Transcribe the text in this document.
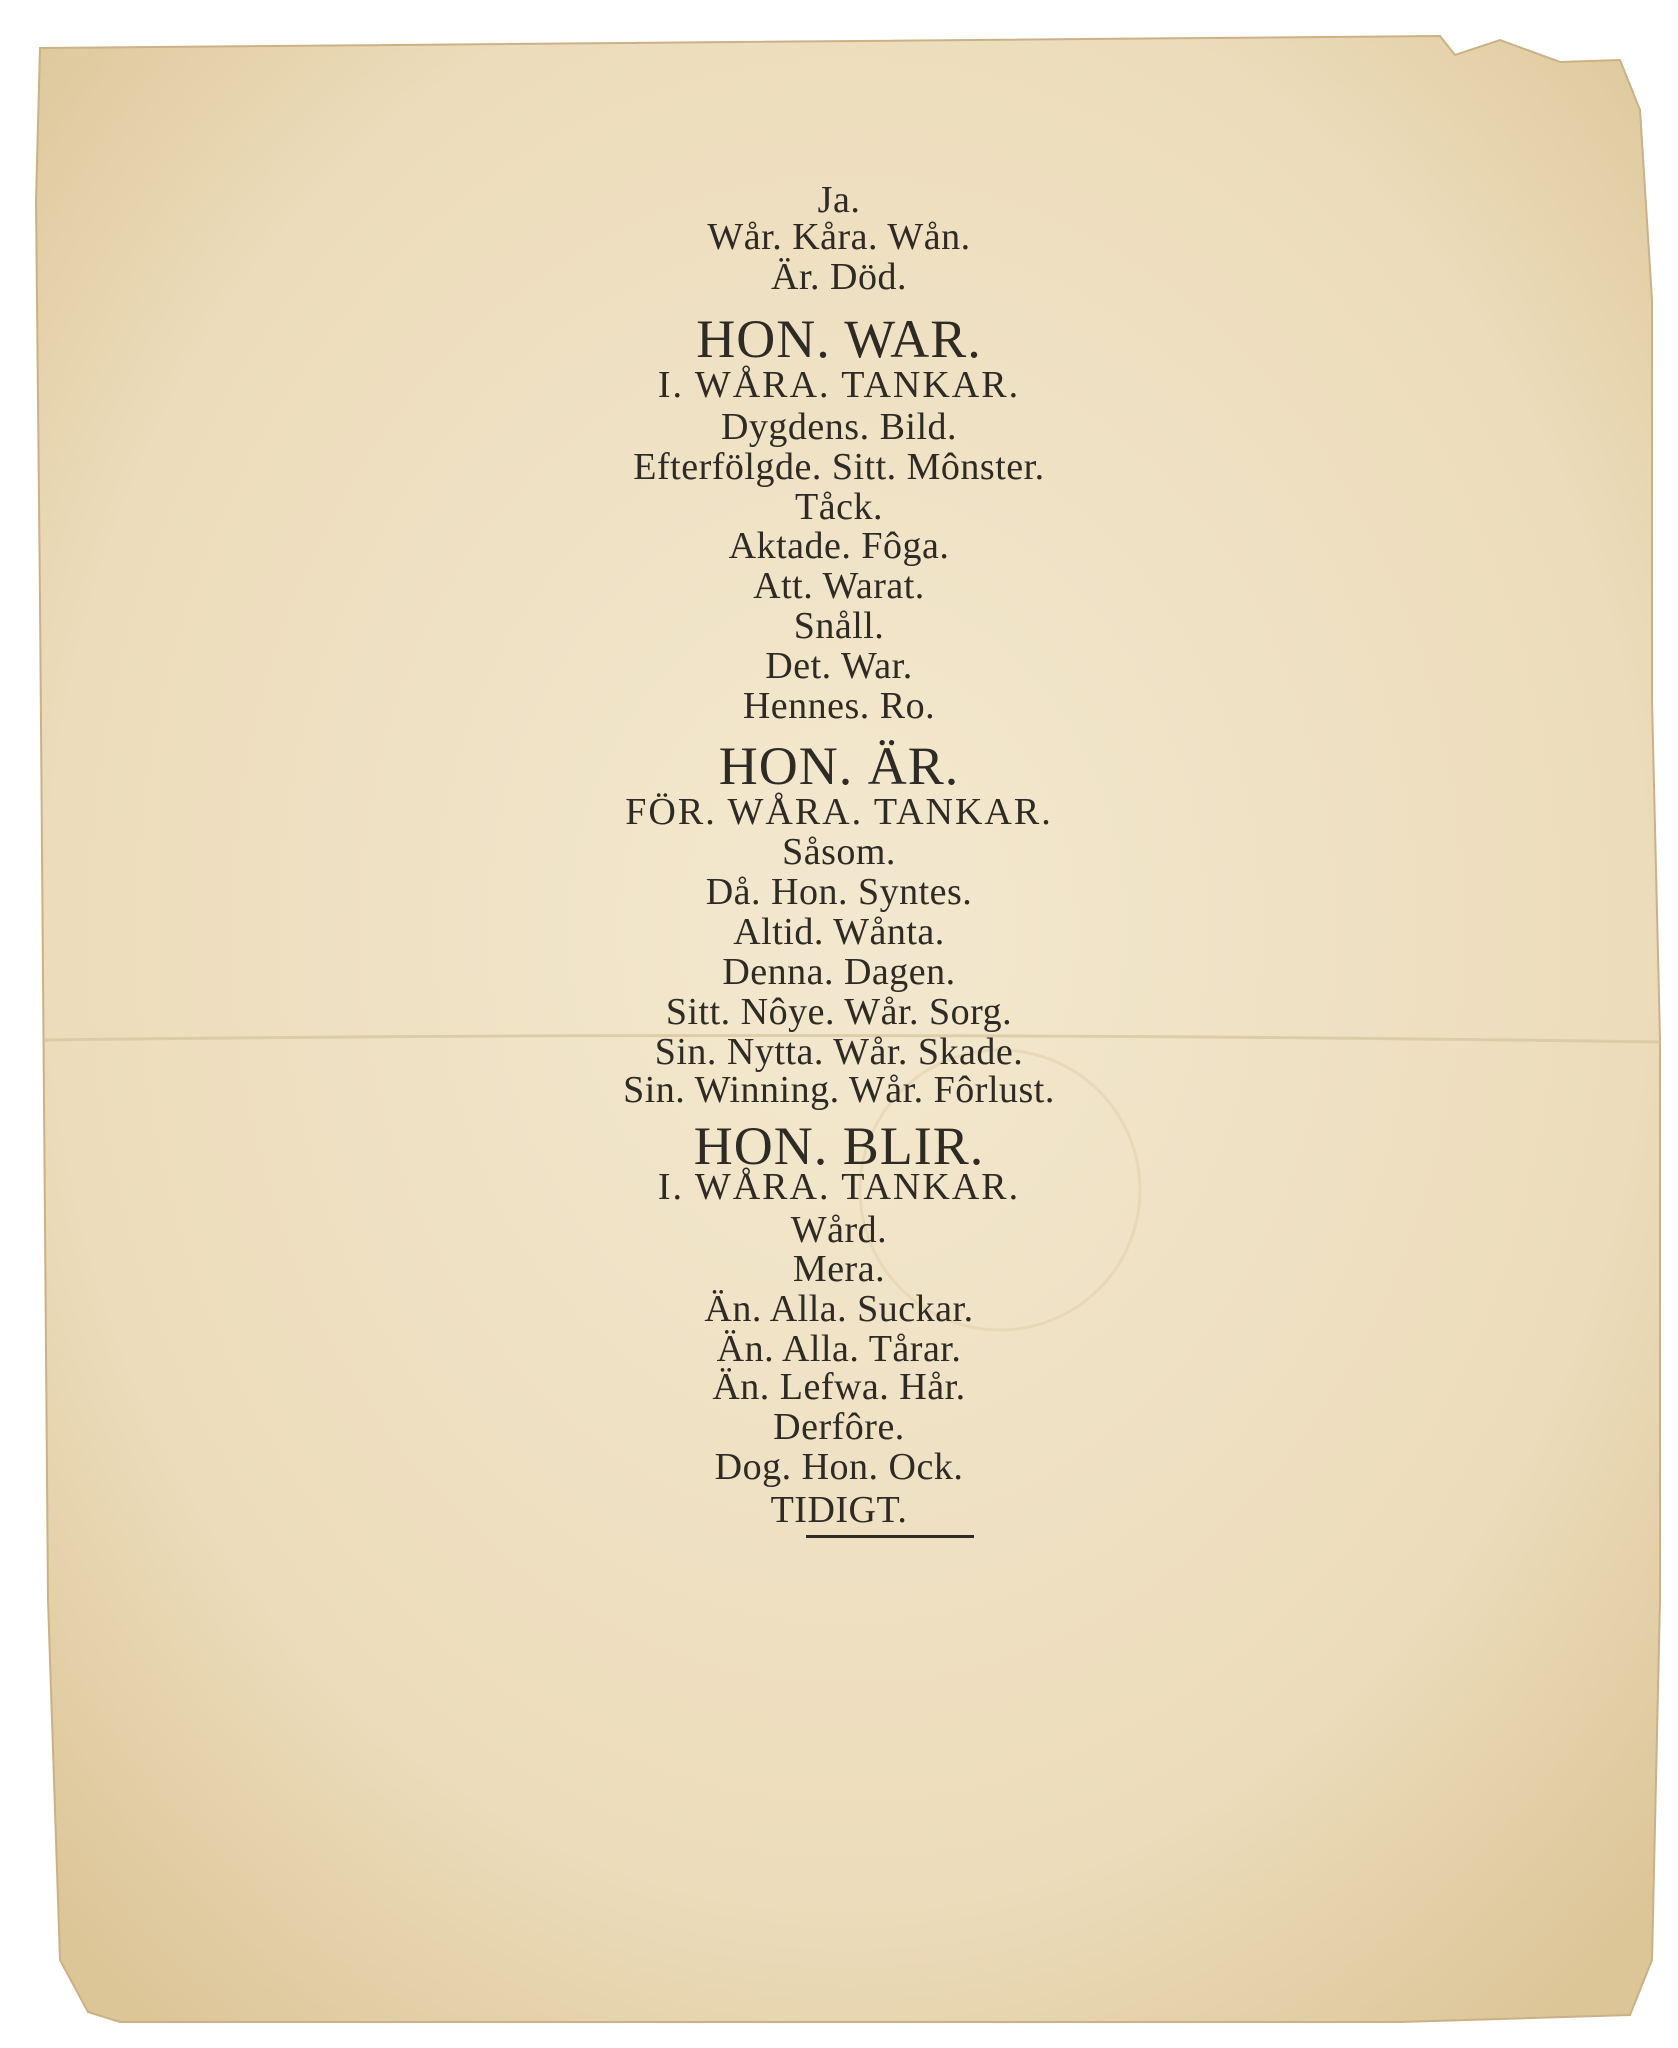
Ja.
Wår. Kåra. Wån.
Är. Död.
HON. WAR.
I. WÅRA. TANKAR.
Dygdens. Bild.
Efterfölgde. Sitt. Mônster.
Tåck.
Aktade. Fôga.
Att. Warat.
Snåll.
Det. War.
Hennes. Ro.
HON. ÄR.
FÖR. WÅRA. TANKAR.
Såsom.
Då. Hon. Syntes.
Altid. Wånta.
Denna. Dagen.
Sitt. Nôye. Wår. Sorg.
Sin. Nytta. Wår. Skade.
Sin. Winning. Wår. Fôrlust.
HON. BLIR.
I. WÅRA. TANKAR.
Wård.
Mera.
Än. Alla. Suckar.
Än. Alla. Tårar.
Än. Lefwa. Hår.
Derfôre.
Dog. Hon. Ock.
TIDIGT.
